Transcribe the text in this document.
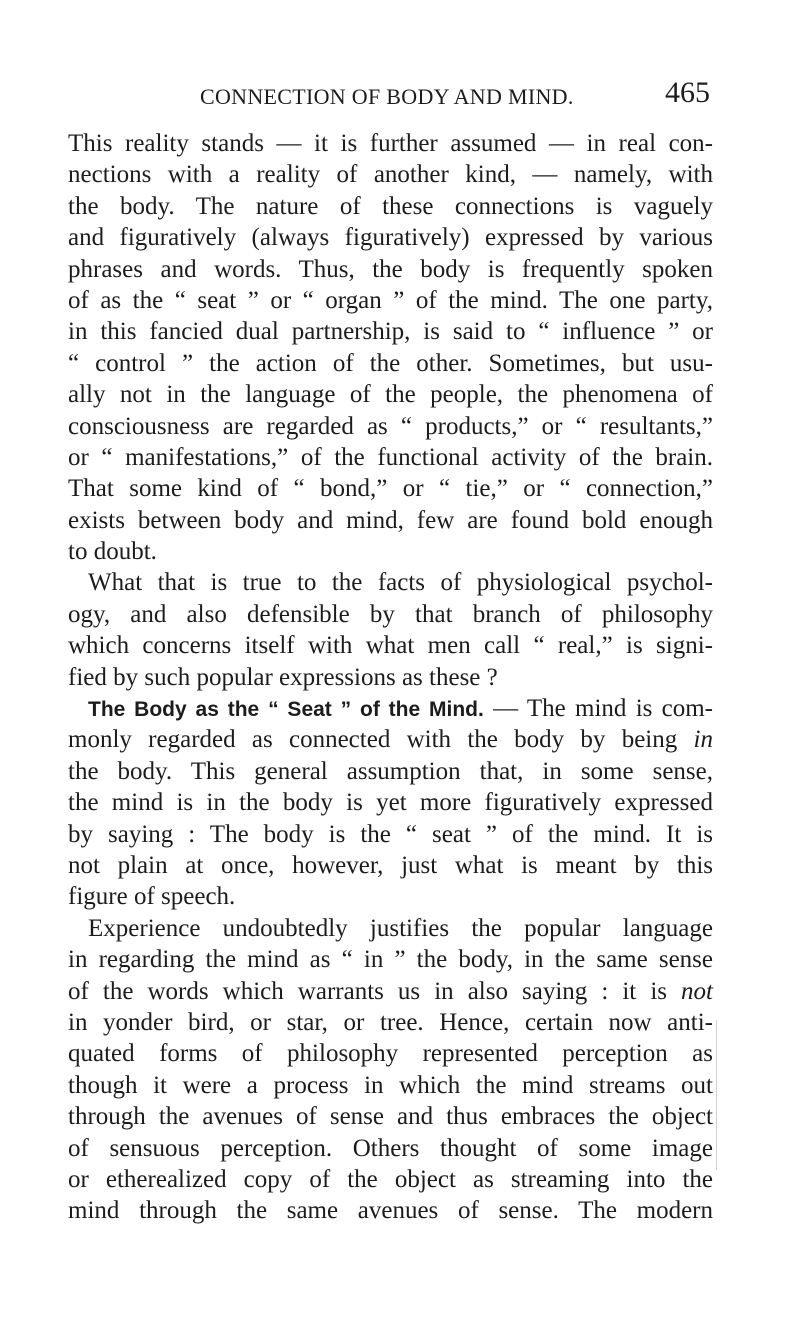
CONNECTION OF BODY AND MIND.	465
This reality stands — it is further assumed — in real con-
nections with a reality of another kind, — namely, with
the body. The nature of these connections is vaguely
and figuratively (always figuratively) expressed by various
phrases and words. Thus, the body is frequently spoken
of as the “ seat ” or “ organ ” of the mind. The one party,
in this fancied dual partnership, is said to “ influence ” or
“ control ” the action of the other. Sometimes, but usu-
ally not in the language of the people, the phenomena of
consciousness are regarded as “ products,” or “ resultants,”
or “ manifestations,” of the functional activity of the brain.
That some kind of “ bond,” or “ tie,” or “ connection,”
exists between body and mind, few are found bold enough
to doubt.
What that is true to the facts of physiological psychol-
ogy, and also defensible by that branch of philosophy
which concerns itself with what men call “ real,” is signi-
fied by such popular expressions as these ?
The Body as the “ Seat ” of the Mind. — The mind is com-
monly regarded as connected with the body by being in
the body. This general assumption that, in some sense,
the mind is in the body is yet more figuratively expressed
by saying : The body is the “ seat ” of the mind. It is
not plain at once, however, just what is meant by this
figure of speech.
Experience undoubtedly justifies the popular language
in regarding the mind as “ in ” the body, in the same sense
of the words which warrants us in also saying : it is not
in yonder bird, or star, or tree. Hence, certain now anti-
quated forms of philosophy represented perception as
though it were a process in which the mind streams out
through the avenues of sense and thus embraces the object
of sensuous perception. Others thought of some image
or etherealized copy of the object as streaming into the
mind through the same avenues of sense. The modern
